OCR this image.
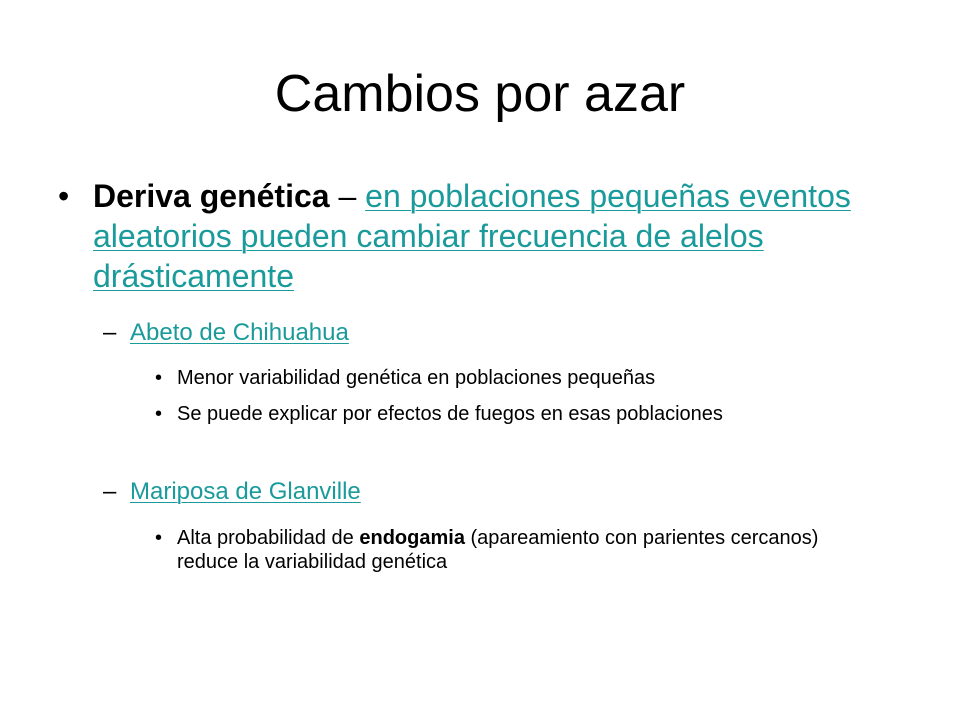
Cambios por azar
• Deriva genética – en poblaciones pequeñas eventos aleatorios pueden cambiar frecuencia de alelos drásticamente
– Abeto de Chihuahua
• Menor variabilidad genética en poblaciones pequeñas
• Se puede explicar por efectos de fuegos en esas poblaciones
– Mariposa de Glanville
• Alta probabilidad de endogamia (apareamiento con parientes cercanos) reduce la variabilidad genética
